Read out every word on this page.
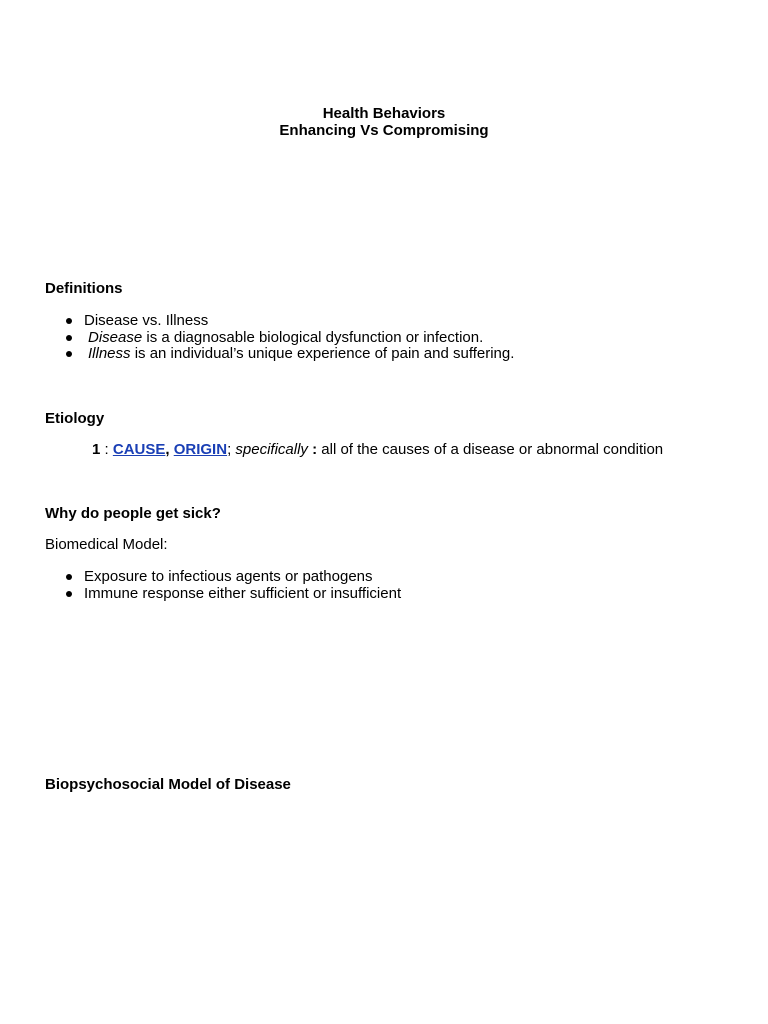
Health Behaviors
Enhancing Vs Compromising
Definitions
Disease vs. Illness
Disease is a diagnosable biological dysfunction or infection.
Illness is an individual’s unique experience of pain and suffering.
Etiology
1 : CAUSE, ORIGIN; specifically : all of the causes of a disease or abnormal condition
Why do people get sick?
Biomedical Model:
Exposure to infectious agents or pathogens
Immune response either sufficient or insufficient
Biopsychosocial Model of Disease
